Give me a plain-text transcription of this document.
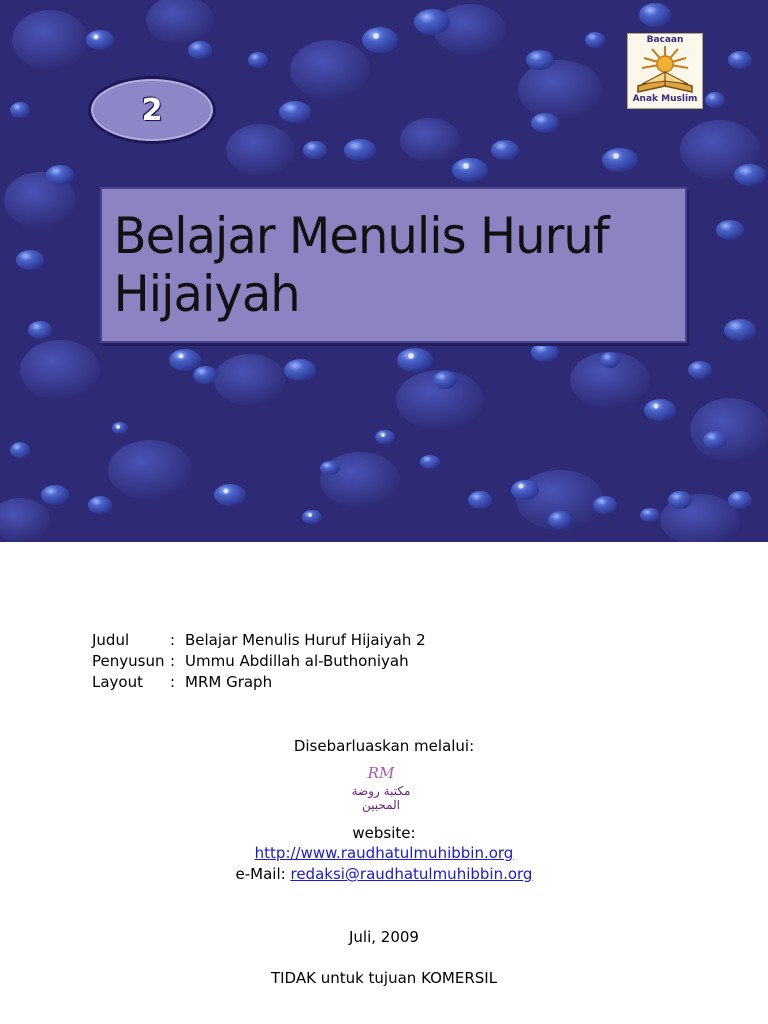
2
Bacaan
Anak Muslim
Belajar Menulis Huruf Hijaiyah
Judul	: Belajar Menulis Huruf Hijaiyah 2
Penyusun : Ummu Abdillah al-Buthoniyah
Layout	: MRM Graph
Disebarluaskan melalui:
RM
مكتبة روضة المحبين
website:
http://www.raudhatulmuhibbin.org
e-Mail: redaksi@raudhatulmuhibbin.org
Juli, 2009
TIDAK untuk tujuan KOMERSIL
